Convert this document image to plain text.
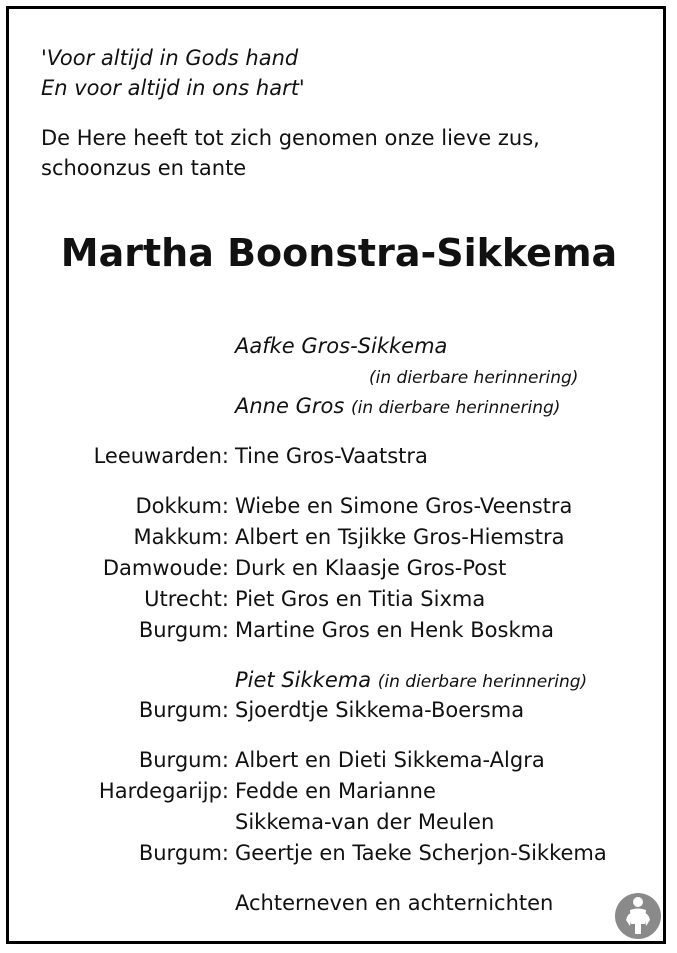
'Voor altijd in Gods hand
En voor altijd in ons hart'
De Here heeft tot zich genomen onze lieve zus,
schoonzus en tante
Martha Boonstra-Sikkema
Aafke Gros-Sikkema
(in dierbare herinnering)
Anne Gros (in dierbare herinnering)
Leeuwarden: Tine Gros-Vaatstra
Dokkum: Wiebe en Simone Gros-Veenstra
Makkum: Albert en Tsjikke Gros-Hiemstra
Damwoude: Durk en Klaasje Gros-Post
Utrecht: Piet Gros en Titia Sixma
Burgum: Martine Gros en Henk Boskma
Piet Sikkema (in dierbare herinnering)
Burgum: Sjoerdtje Sikkema-Boersma
Burgum: Albert en Dieti Sikkema-Algra
Hardegarijp: Fedde en Marianne
Sikkema-van der Meulen
Burgum: Geertje en Taeke Scherjon-Sikkema
Achterneven en achternichten
